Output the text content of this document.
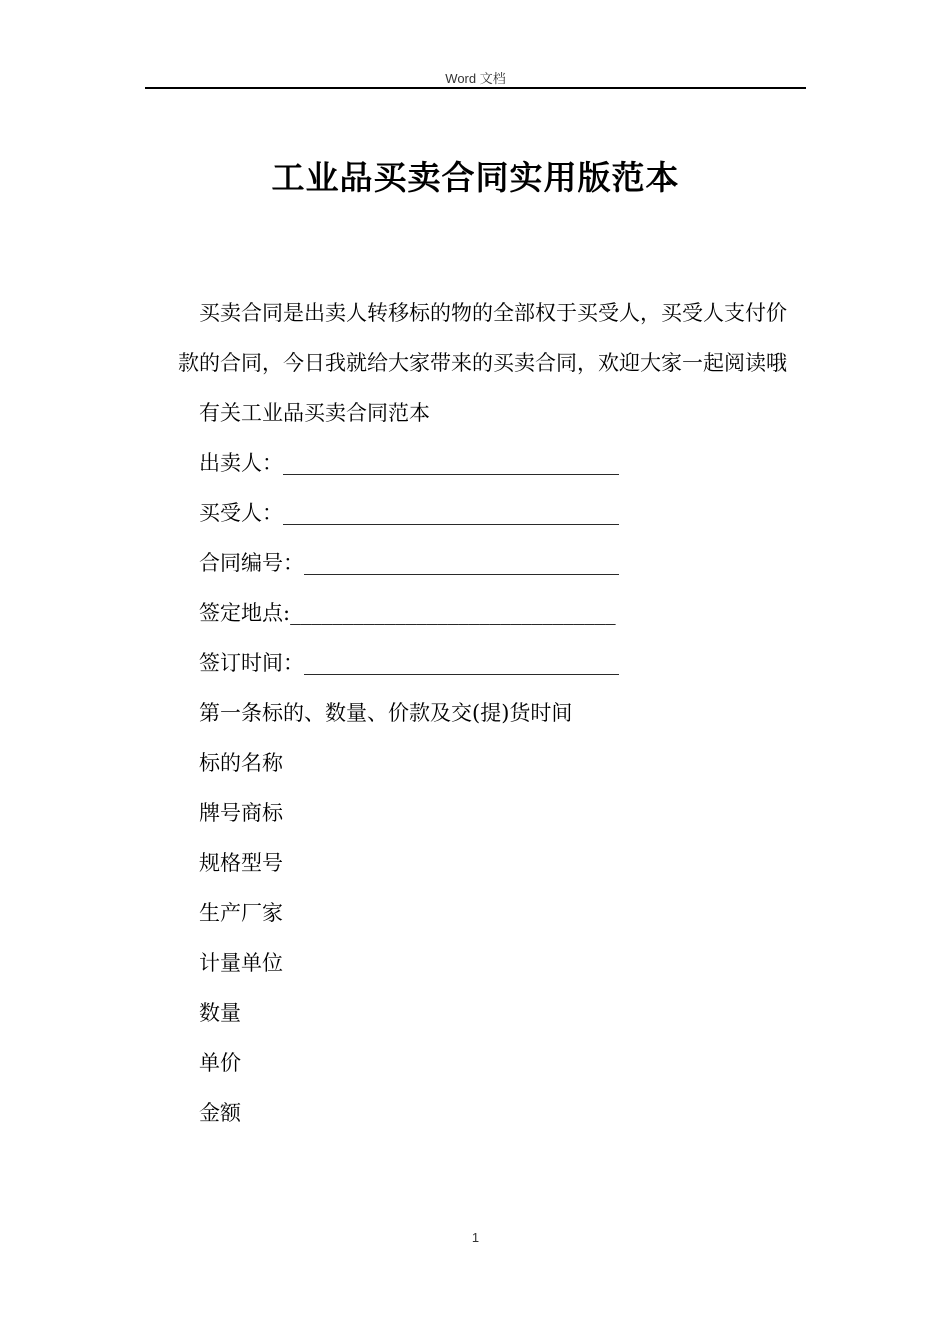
Word 文档
工业品买卖合同实用版范本

买卖合同是出卖人转移标的物的全部权于买受人，买受人支付价款的合同，今日我就给大家带来的买卖合同，欢迎大家一起阅读哦

有关工业品买卖合同范本

出卖人：________________________________

买受人：________________________________

合同编号：______________________________

签定地点:_______________________________

签订时间：______________________________

第一条标的、数量、价款及交(提)货时间

标的名称

牌号商标

规格型号

生产厂家

计量单位

数量

单价

金额

1
